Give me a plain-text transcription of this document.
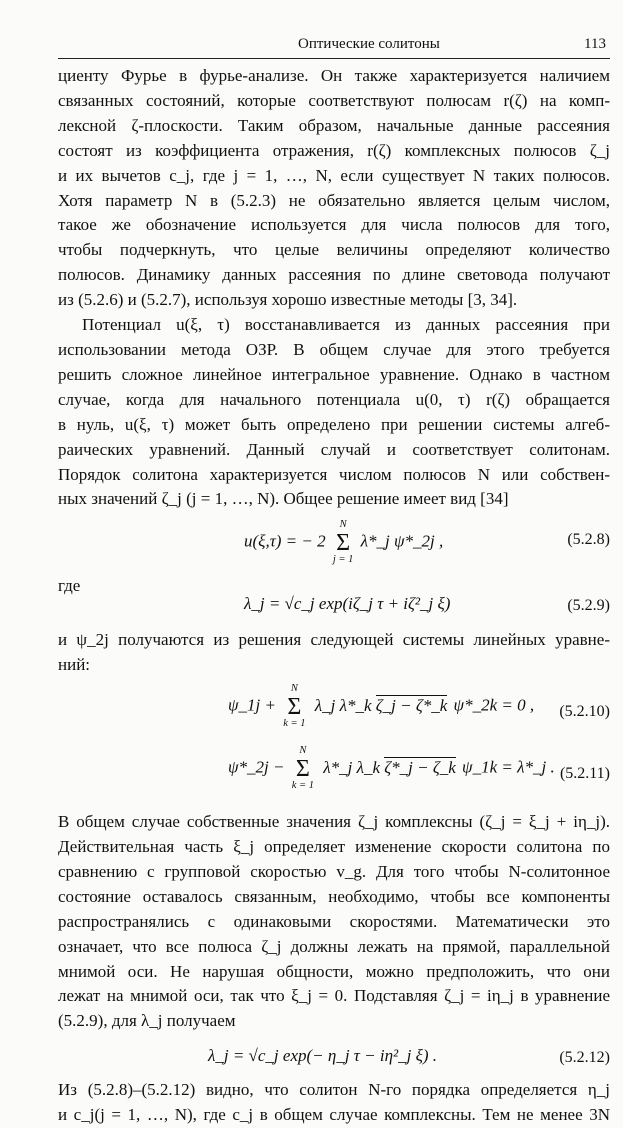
Оптические солитоны	113

циенту Фурье в фурье-анализе. Он также характеризуется наличием
связанных состояний, которые соответствуют полюсам r(ζ) на комп-
лексной ζ-плоскости. Таким образом, начальные данные рассеяния
состоят из коэффициента отражения, r(ζ) комплексных полюсов ζ_j
и их вычетов c_j, где j = 1, …, N, если существует N таких полюсов.
Хотя параметр N в (5.2.3) не обязательно является целым числом,
такое же обозначение используется для числа полюсов для того,
чтобы подчеркнуть, что целые величины определяют количество
полюсов. Динамику данных рассеяния по длине световода получают
из (5.2.6) и (5.2.7), используя хорошо известные методы [3, 34].

Потенциал u(ξ, τ) восстанавливается из данных рассеяния при
использовании метода ОЗР. В общем случае для этого требуется
решить сложное линейное интегральное уравнение. Однако в частном
случае, когда для начального потенциала u(0, τ) r(ζ) обращается
в нуль, u(ξ, τ) может быть определено при решении системы алгеб-
раических уравнений. Данный случай и соответствует солитонам.
Порядок солитона характеризуется числом полюсов N или собствен-
ных значений ζ_j (j = 1, …, N). Общее решение имеет вид [34]

u(ξ,τ) = − 2
N
Σ
j = 1
λ*_j ψ*_2j ,	(5.2.8)
где
λ_j = √c_j exp(iζ_j τ + iζ²_j ξ)	(5.2.9)

и ψ_2j получаются из решения следующей системы линейных уравне-
ний:

ψ_1j +
N
Σ
k = 1
λ_j λ*_k ζ_j − ζ*_k ψ*_2k = 0 , (5.2.10)
ψ*_2j −
N
Σ
k = 1
λ*_j λ_k ζ*_j − ζ_k ψ_1k = λ*_j . (5.2.11)

В общем случае собственные значения ζ_j комплексны (ζ_j = ξ_j + iη_j).
Действительная часть ξ_j определяет изменение скорости солитона по
сравнению с групповой скоростью v_g. Для того чтобы N-солитонное
состояние оставалось связанным, необходимо, чтобы все компоненты
распространялись с одинаковыми скоростями. Математически это
означает, что все полюса ζ_j должны лежать на прямой, параллельной
мнимой оси. Не нарушая общности, можно предположить, что они
лежат на мнимой оси, так что ξ_j = 0. Подставляя ζ_j = iη_j в уравнение
(5.2.9), для λ_j получаем

λ_j = √c_j exp(− η_j τ − iη²_j ξ) .	(5.2.12)

Из (5.2.8)–(5.2.12) видно, что солитон N-го порядка определяется η_j
и c_j(j = 1, …, N), где c_j в общем случае комплексны. Тем не менее 3N
